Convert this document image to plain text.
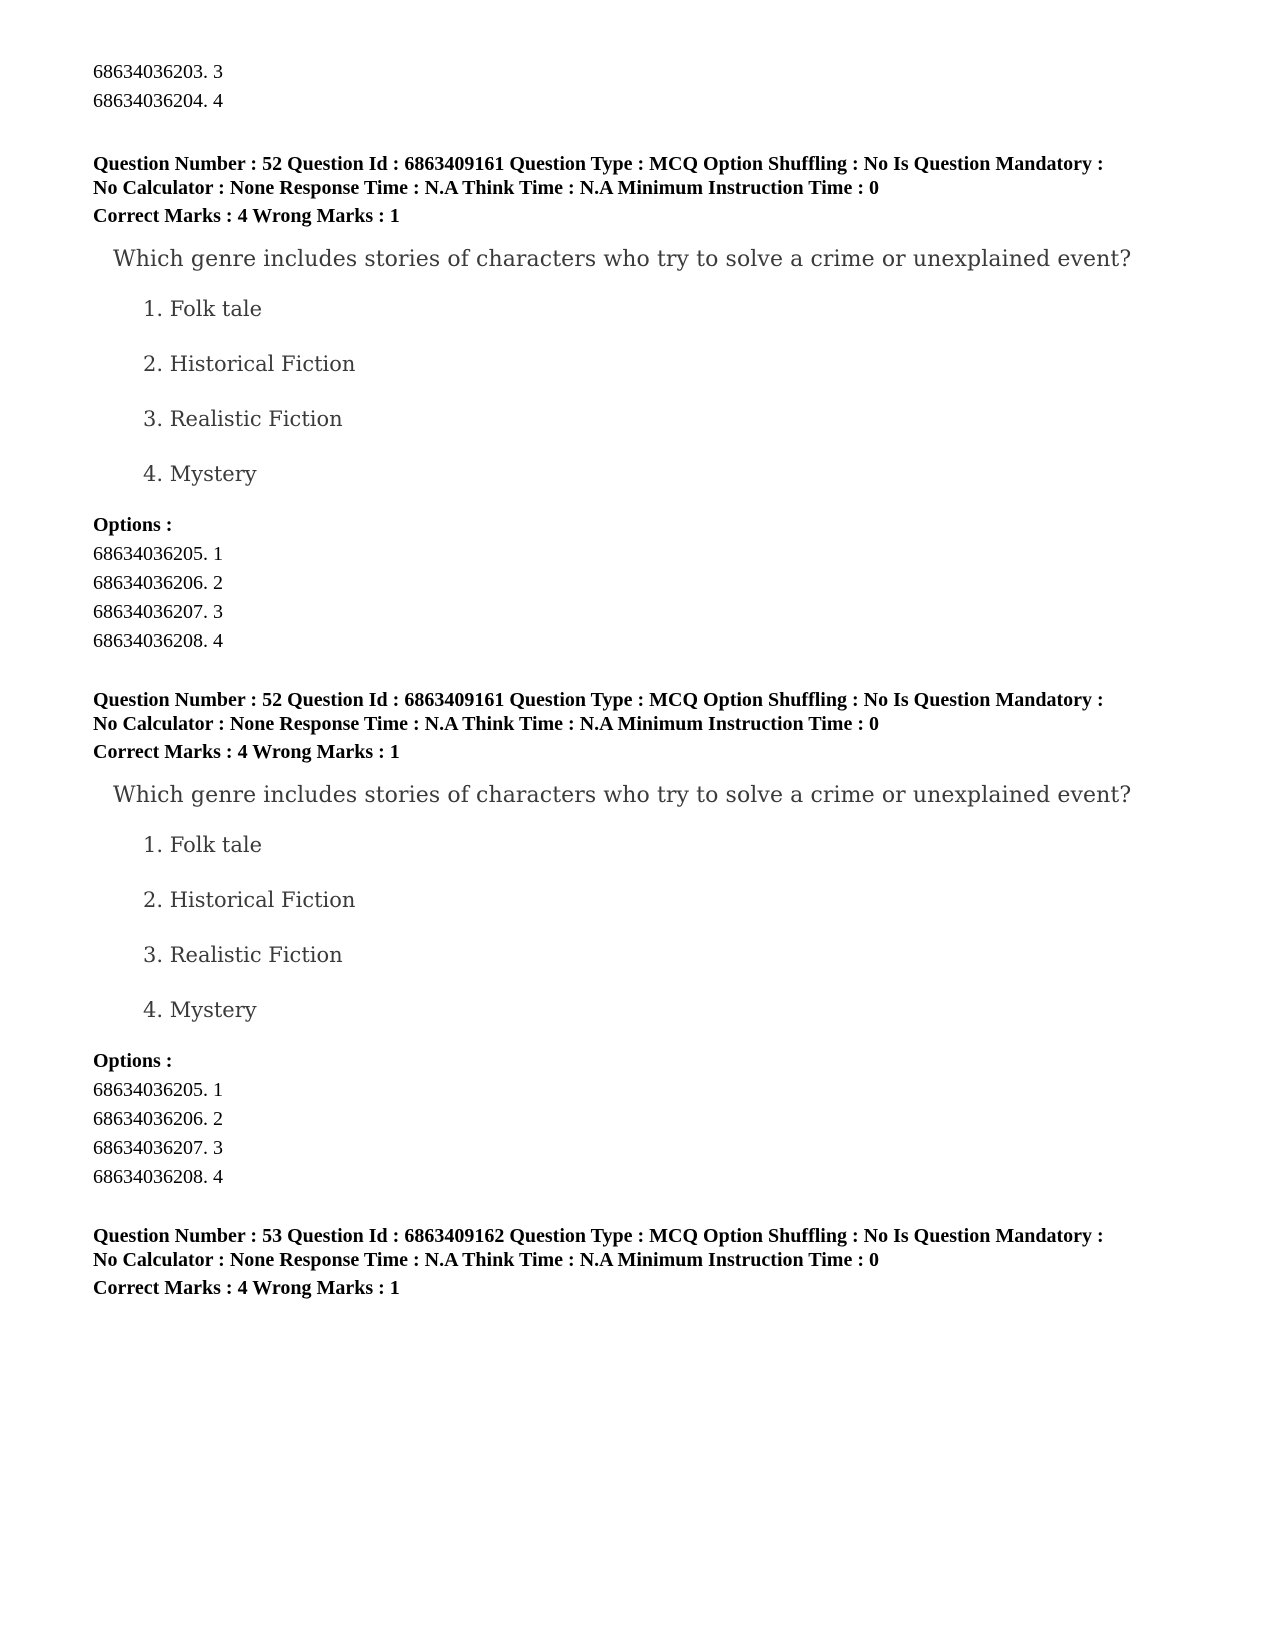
68634036203. 3
68634036204. 4
Question Number : 52 Question Id : 6863409161 Question Type : MCQ Option Shuffling : No Is Question Mandatory :
No Calculator : None Response Time : N.A Think Time : N.A Minimum Instruction Time : 0
Correct Marks : 4 Wrong Marks : 1

Which genre includes stories of characters who try to solve a crime or unexplained event?

1. Folk tale
2. Historical Fiction
3. Realistic Fiction
4. Mystery
Options :
68634036205. 1
68634036206. 2
68634036207. 3
68634036208. 4
Question Number : 52 Question Id : 6863409161 Question Type : MCQ Option Shuffling : No Is Question Mandatory :
No Calculator : None Response Time : N.A Think Time : N.A Minimum Instruction Time : 0
Correct Marks : 4 Wrong Marks : 1

Which genre includes stories of characters who try to solve a crime or unexplained event?

1. Folk tale
2. Historical Fiction
3. Realistic Fiction
4. Mystery
Options :
68634036205. 1
68634036206. 2
68634036207. 3
68634036208. 4
Question Number : 53 Question Id : 6863409162 Question Type : MCQ Option Shuffling : No Is Question Mandatory :
No Calculator : None Response Time : N.A Think Time : N.A Minimum Instruction Time : 0
Correct Marks : 4 Wrong Marks : 1
